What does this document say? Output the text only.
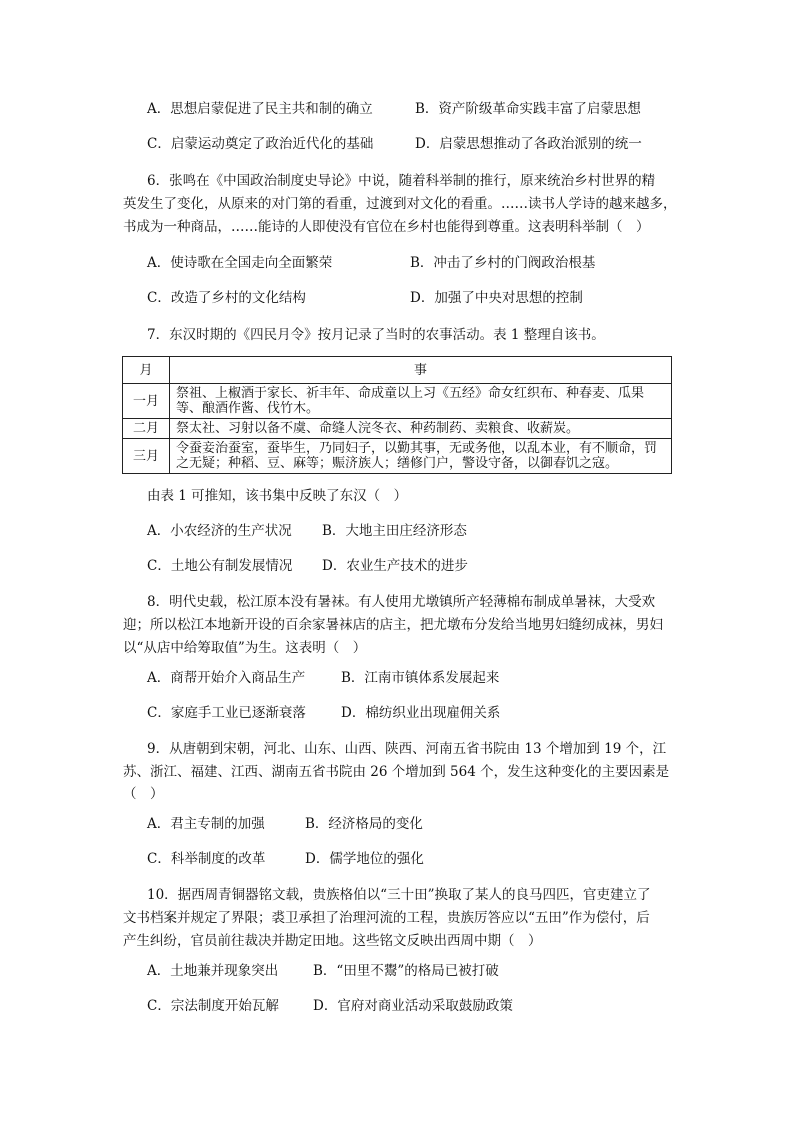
A．思想启蒙促进了民主共和制的确立	B．资产阶级革命实践丰富了启蒙思想
C．启蒙运动奠定了政治近代化的基础	D．启蒙思想推动了各政治派别的统一
6．张鸣在《中国政治制度史导论》中说，随着科举制的推行，原来统治乡村世界的精
英发生了变化，从原来的对门第的看重，过渡到对文化的看重。……读书人学诗的越来越多，
书成为一种商品，……能诗的人即使没有官位在乡村也能得到尊重。这表明科举制（　）
A．使诗歌在全国走向全面繁荣	B．冲击了乡村的门阀政治根基
C．改造了乡村的文化结构	D．加强了中央对思想的控制
7．东汉时期的《四民月令》按月记录了当时的农事活动。表 1 整理自该书。
月	事
一月	祭祖、上椒酒于家长、祈丰年、命成童以上习《五经》命女红织布、种春麦、瓜果等、酿酒作酱、伐竹木。
二月	祭太社、习射以备不虞、命缝人浣冬衣、种药制药、卖粮食、收薪炭。
三月	令蚕妾治蚕室，蚕毕生，乃同妇子，以勤其事，无或务他，以乱本业，有不顺命，罚之无疑；种稻、豆、麻等；赈济族人；缮修门户，警设守备，以御春饥之寇。
由表 1 可推知，该书集中反映了东汉（　）
A．小农经济的生产状况 B．大地主田庄经济形态
C．土地公有制发展情况 D．农业生产技术的进步
8．明代史载，松江原本没有暑袜。有人使用尤墩镇所产轻薄棉布制成单暑袜，大受欢
迎；所以松江本地新开设的百余家暑袜店的店主，把尤墩布分发给当地男妇缝纫成袜，男妇
以“从店中给筹取值”为生。这表明（　）
A．商帮开始介入商品生产	B．江南市镇体系发展起来
C．家庭手工业已逐渐衰落	D．棉纺织业出现雇佣关系
9．从唐朝到宋朝，河北、山东、山西、陕西、河南五省书院由 13 个增加到 19 个，江
苏、浙江、福建、江西、湖南五省书院由 26 个增加到 564 个，发生这种变化的主要因素是
（　）
A．君主专制的加强	B．经济格局的变化
C．科举制度的改革	D．儒学地位的强化
10．据西周青铜器铭文载，贵族格伯以“三十田”换取了某人的良马四匹，官吏建立了
文书档案并规定了界限；裘卫承担了治理河流的工程，贵族厉答应以“五田”作为偿付，后
产生纠纷，官员前往裁决并勘定田地。这些铭文反映出西周中期（　）
A．土地兼并现象突出	B．“田里不鬻”的格局已被打破
C．宗法制度开始瓦解	D．官府对商业活动采取鼓励政策
